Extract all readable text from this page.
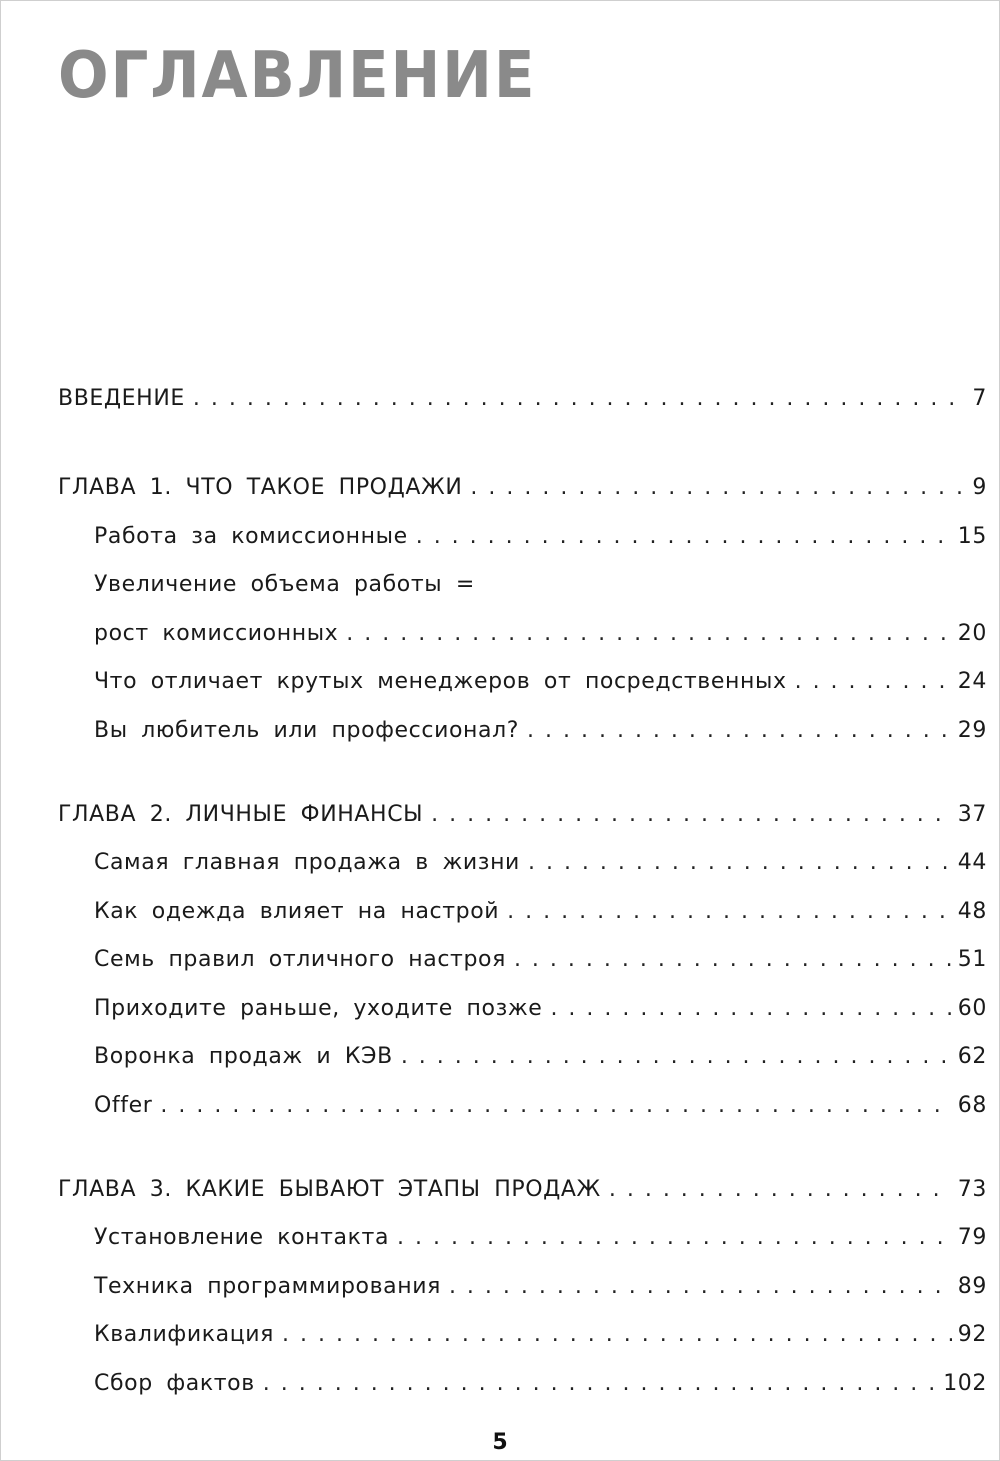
ОГЛАВЛЕНИЕ
ВВЕДЕНИЕ . . .	7
ГЛАВА 1. ЧТО ТАКОЕ ПРОДАЖИ . . .	9
Работа за комиссионные . . .	15
Увеличение объема работы =
рост комиссионных . . .	20
Что отличает крутых менеджеров от посредственных . . .	24
Вы любитель или профессионал? . . .	29
ГЛАВА 2. ЛИЧНЫЕ ФИНАНСЫ . . .	37
Самая главная продажа в жизни . . .	44
Как одежда влияет на настрой . . .	48
Семь правил отличного настроя . . .	51
Приходите раньше, уходите позже . . .	60
Воронка продаж и КЭВ . . .	62
Offer . . .	68
ГЛАВА 3. КАКИЕ БЫВАЮТ ЭТАПЫ ПРОДАЖ . . .	73
Установление контакта . . .	79
Техника программирования . . .	89
Квалификация . . .	92
Сбор фактов . . .	102
5
